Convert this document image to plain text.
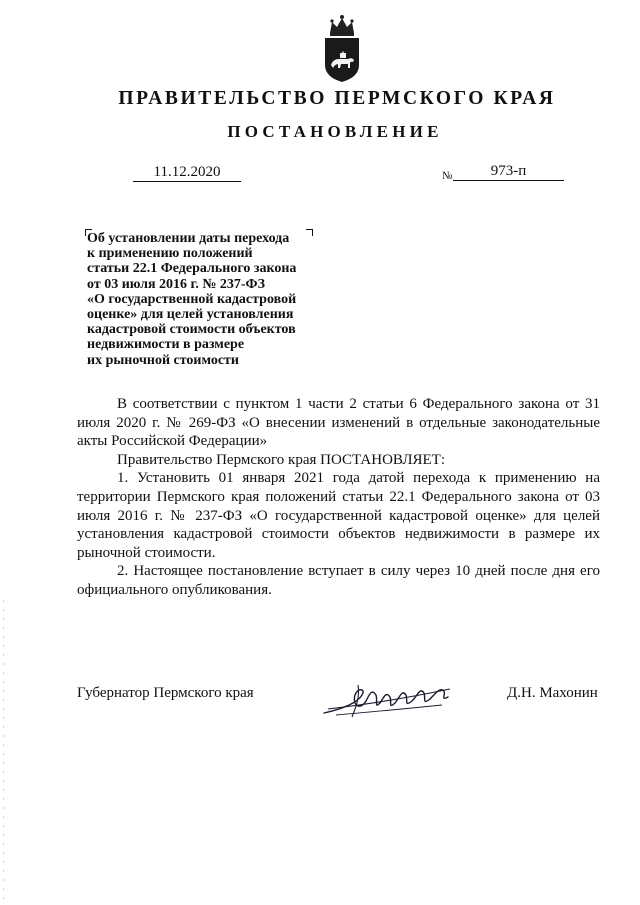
ПРАВИТЕЛЬСТВО ПЕРМСКОГО КРАЯ
ПОСТАНОВЛЕНИЕ
11.12.2020	№	973-п
Об установлении даты перехода
к применению положений
статьи 22.1 Федерального закона
от 03 июля 2016 г. № 237-ФЗ
«О государственной кадастровой
оценке» для целей установления
кадастровой стоимости объектов
недвижимости в размере
их рыночной стоимости

В соответствии с пунктом 1 части 2 статьи 6 Федерального закона от 31 июля 2020 г. № 269-ФЗ «О внесении изменений в отдельные законодательные акты Российской Федерации»

Правительство Пермского края ПОСТАНОВЛЯЕТ:

1. Установить 01 января 2021 года датой перехода к применению на территории Пермского края положений статьи 22.1 Федерального закона от 03 июля 2016 г. № 237-ФЗ «О государственной кадастровой оценке» для целей установления кадастровой стоимости объектов недвижимости в размере их рыночной стоимости.

2. Настоящее постановление вступает в силу через 10 дней после дня его официального опубликования.

Губернатор Пермского края	Д.Н. Махонин
